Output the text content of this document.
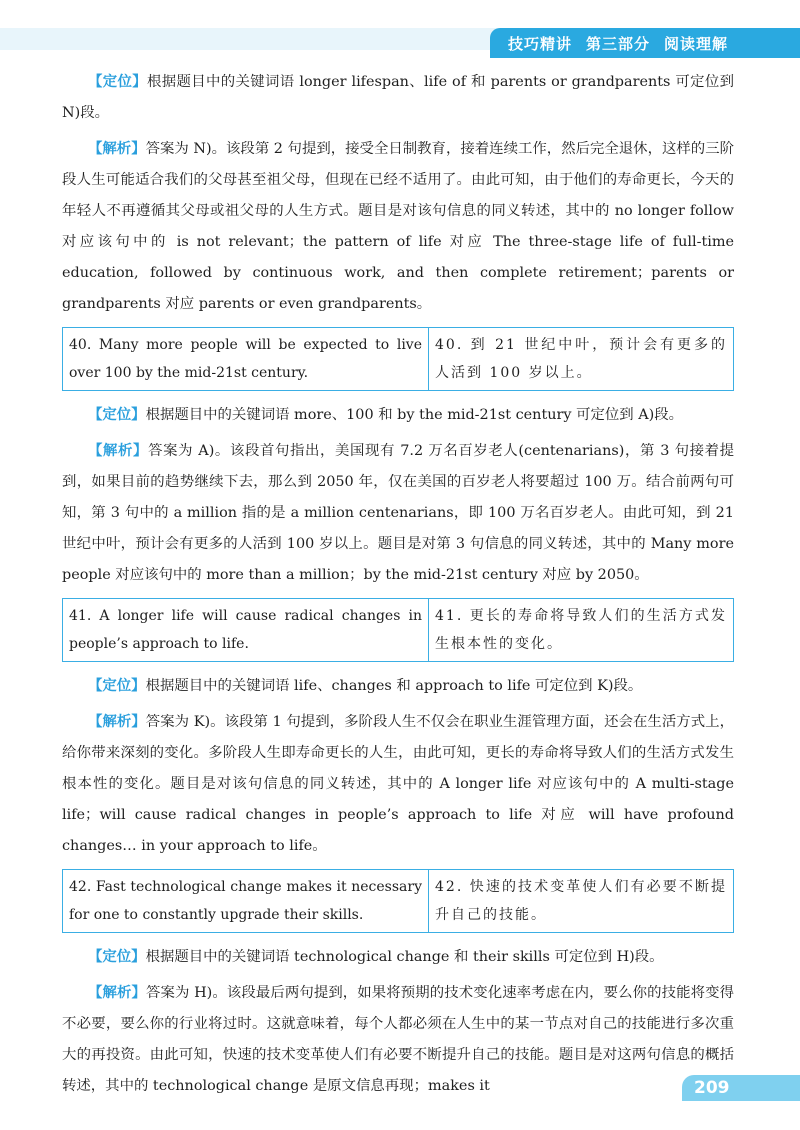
技巧精讲 第三部分 阅读理解

【定位】根据题目中的关键词语 longer lifespan、life of 和 parents or grandparents 可定位到 N)段。

【解析】答案为 N)。该段第 2 句提到，接受全日制教育，接着连续工作，然后完全退休，这样的三阶段人生可能适合我们的父母甚至祖父母，但现在已经不适用了。由此可知，由于他们的寿命更长，今天的年轻人不再遵循其父母或祖父母的人生方式。题目是对该句信息的同义转述，其中的 no longer follow 对应该句中的 is not relevant；the pattern of life 对应 The three-stage life of full-time education, followed by continuous work, and then complete retirement；parents or grandparents 对应 parents or even grandparents。

40. Many more people will be expected to live over 100 by the mid-21st century.
40. 到 21 世纪中叶，预计会有更多的人活到 100 岁以上。

【定位】根据题目中的关键词语 more、100 和 by the mid-21st century 可定位到 A)段。

【解析】答案为 A)。该段首句指出，美国现有 7.2 万名百岁老人(centenarians)，第 3 句接着提到，如果目前的趋势继续下去，那么到 2050 年，仅在美国的百岁老人将要超过 100 万。结合前两句可知，第 3 句中的 a million 指的是 a million centenarians，即 100 万名百岁老人。由此可知，到 21 世纪中叶，预计会有更多的人活到 100 岁以上。题目是对第 3 句信息的同义转述，其中的 Many more people 对应该句中的 more than a million；by the mid-21st century 对应 by 2050。

41. A longer life will cause radical changes in people’s approach to life.
41. 更长的寿命将导致人们的生活方式发生根本性的变化。

【定位】根据题目中的关键词语 life、changes 和 approach to life 可定位到 K)段。

【解析】答案为 K)。该段第 1 句提到，多阶段人生不仅会在职业生涯管理方面，还会在生活方式上，给你带来深刻的变化。多阶段人生即寿命更长的人生，由此可知，更长的寿命将导致人们的生活方式发生根本性的变化。题目是对该句信息的同义转述，其中的 A longer life 对应该句中的 A multi-stage life；will cause radical changes in people’s approach to life 对应 will have profound changes… in your approach to life。

42. Fast technological change makes it necessary for one to constantly upgrade their skills.
42. 快速的技术变革使人们有必要不断提升自己的技能。

【定位】根据题目中的关键词语 technological change 和 their skills 可定位到 H)段。

【解析】答案为 H)。该段最后两句提到，如果将预期的技术变化速率考虑在内，要么你的技能将变得不必要，要么你的行业将过时。这就意味着，每个人都必须在人生中的某一节点对自己的技能进行多次重大的再投资。由此可知，快速的技术变革使人们有必要不断提升自己的技能。题目是对这两句信息的概括转述，其中的 technological change 是原文信息再现；makes it	209
